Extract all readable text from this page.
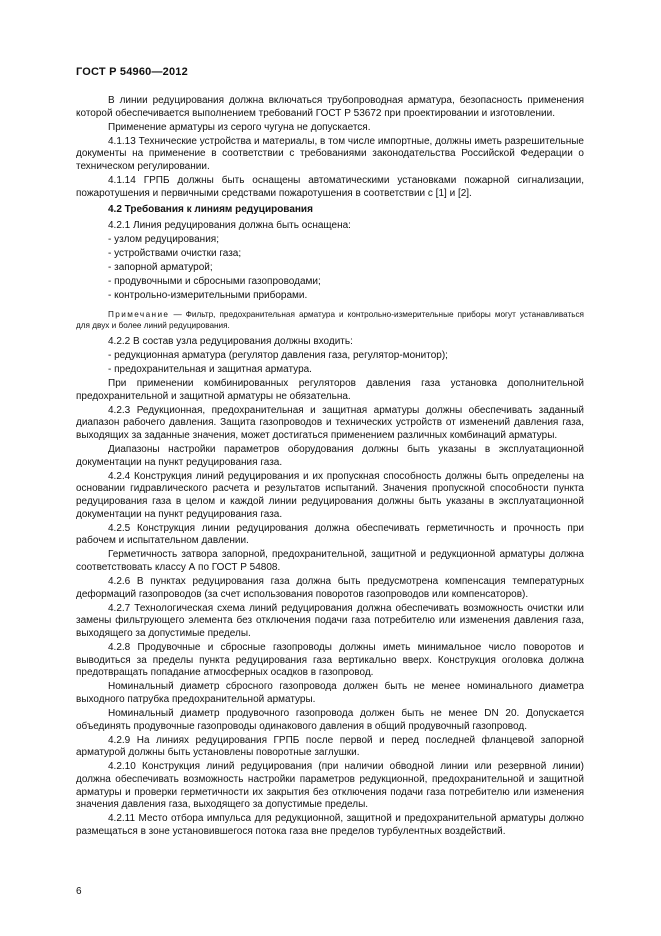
ГОСТ Р 54960—2012

В линии редуцирования должна включаться трубопроводная арматура, безопасность применения которой обеспечивается выполнением требований ГОСТ Р 53672 при проектировании и изготовлении.

Применение арматуры из серого чугуна не допускается.

4.1.13 Технические устройства и материалы, в том числе импортные, должны иметь разрешительные документы на применение в соответствии с требованиями законодательства Российской Федерации о техническом регулировании.

4.1.14 ГРПБ должны быть оснащены автоматическими установками пожарной сигнализации, пожаротушения и первичными средствами пожаротушения в соответствии с [1] и [2].

4.2 Требования к линиям редуцирования

4.2.1 Линия редуцирования должна быть оснащена:

- узлом редуцирования;

- устройствами очистки газа;

- запорной арматурой;

- продувочными и сбросными газопроводами;

- контрольно-измерительными приборами.

Примечание — Фильтр, предохранительная арматура и контрольно-измерительные приборы могут устанавливаться для двух и более линий редуцирования.

4.2.2 В состав узла редуцирования должны входить:

- редукционная арматура (регулятор давления газа, регулятор-монитор);

- предохранительная и защитная арматура.

При применении комбинированных регуляторов давления газа установка дополнительной предохранительной и защитной арматуры не обязательна.

4.2.3 Редукционная, предохранительная и защитная арматуры должны обеспечивать заданный диапазон рабочего давления. Защита газопроводов и технических устройств от изменений давления газа, выходящих за заданные значения, может достигаться применением различных комбинаций арматуры.

Диапазоны настройки параметров оборудования должны быть указаны в эксплуатационной документации на пункт редуцирования газа.

4.2.4 Конструкция линий редуцирования и их пропускная способность должны быть определены на основании гидравлического расчета и результатов испытаний. Значения пропускной способности пункта редуцирования газа в целом и каждой линии редуцирования должны быть указаны в эксплуатационной документации на пункт редуцирования газа.

4.2.5 Конструкция линии редуцирования должна обеспечивать герметичность и прочность при рабочем и испытательном давлении.

Герметичность затвора запорной, предохранительной, защитной и редукционной арматуры должна соответствовать классу А по ГОСТ Р 54808.

4.2.6 В пунктах редуцирования газа должна быть предусмотрена компенсация температурных деформаций газопроводов (за счет использования поворотов газопроводов или компенсаторов).

4.2.7 Технологическая схема линий редуцирования должна обеспечивать возможность очистки или замены фильтрующего элемента без отключения подачи газа потребителю или изменения давления газа, выходящего за допустимые пределы.

4.2.8 Продувочные и сбросные газопроводы должны иметь минимальное число поворотов и выводиться за пределы пункта редуцирования газа вертикально вверх. Конструкция оголовка должна предотвращать попадание атмосферных осадков в газопровод.

Номинальный диаметр сбросного газопровода должен быть не менее номинального диаметра выходного патрубка предохранительной арматуры.

Номинальный диаметр продувочного газопровода должен быть не менее DN 20. Допускается объединять продувочные газопроводы одинакового давления в общий продувочный газопровод.

4.2.9 На линиях редуцирования ГРПБ после первой и перед последней фланцевой запорной арматурой должны быть установлены поворотные заглушки.

4.2.10 Конструкция линий редуцирования (при наличии обводной линии или резервной линии) должна обеспечивать возможность настройки параметров редукционной, предохранительной и защитной арматуры и проверки герметичности их закрытия без отключения подачи газа потребителю или изменения значения давления газа, выходящего за допустимые пределы.

4.2.11 Место отбора импульса для редукционной, защитной и предохранительной арматуры должно размещаться в зоне установившегося потока газа вне пределов турбулентных воздействий.

6
